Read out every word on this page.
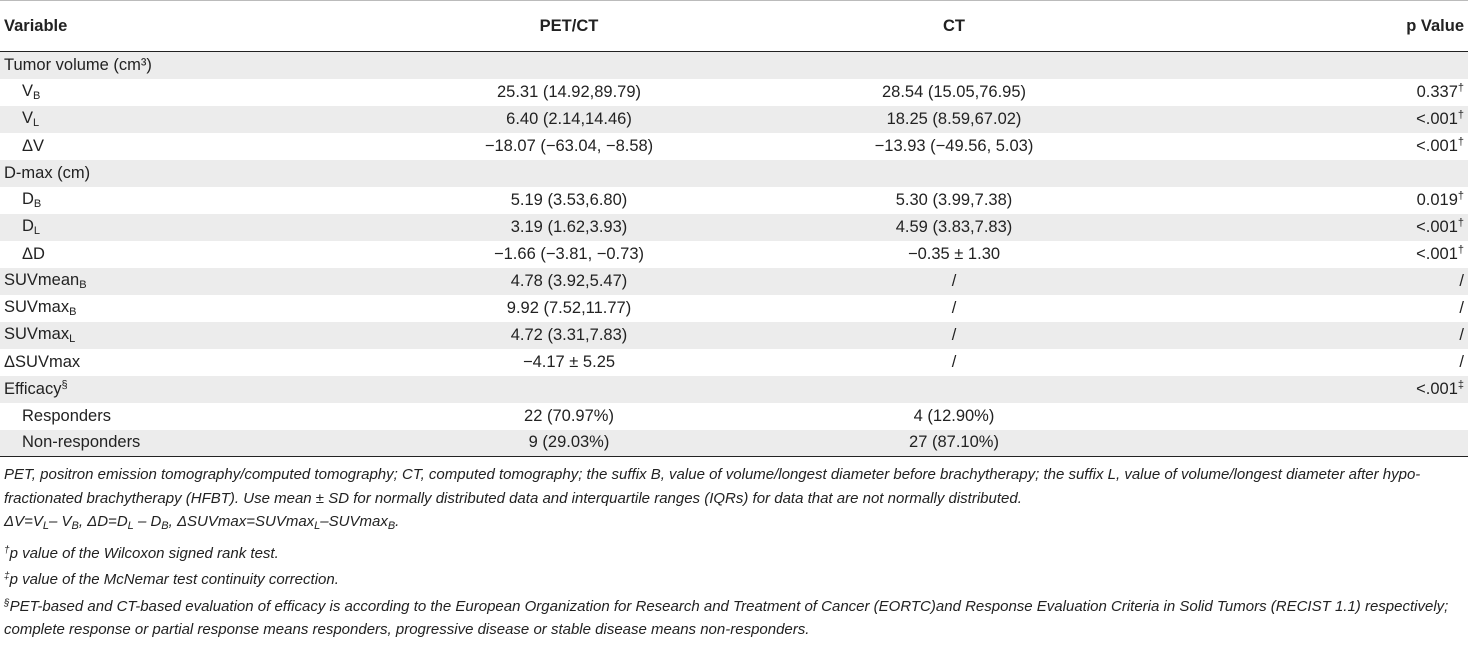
Variable	PET/CT	CT	p Value
Tumor volume (cm³)			
$V_B$	25.31 (14.92,89.79)	28.54 (15.05,76.95)	0.337†
$V_L$	6.40 (2.14,14.46)	18.25 (8.59,67.02)	<.001†
ΔV	−18.07 (−63.04, −8.58)	−13.93 (−49.56, 5.03)	<.001†
D-max (cm)			
$D_B$	5.19 (3.53,6.80)	5.30 (3.99,7.38)	0.019†
$D_L$	3.19 (1.62,3.93)	4.59 (3.83,7.83)	<.001†
ΔD	−1.66 (−3.81, −0.73)	−0.35 ± 1.30	<.001†
SUVmean$_B$	4.78 (3.92,5.47)	/	/
SUVmax$_B$	9.92 (7.52,11.77)	/	/
SUVmax$_L$	4.72 (3.31,7.83)	/	/
ΔSUVmax	−4.17 ± 5.25	/	/
Efficacy§			<.001‡
Responders	22 (70.97%)	4 (12.90%)	
Non-responders	9 (29.03%)	27 (87.10%)	
PET, positron emission tomography/computed tomography; CT, computed tomography; the suffix B, value of volume/longest diameter before brachytherapy; the suffix L, value of volume/longest diameter after hypo-fractionated brachytherapy (HFBT). Use mean ± SD for normally distributed data and interquartile ranges (IQRs) for data that are not normally distributed.
$\Delta V=V_L-$ $V_B$, $\Delta D=D_L - D_B$, ΔSUVmax=SUVmax$_L$–SUVmax$_B$.
†p value of the Wilcoxon signed rank test.
‡p value of the McNemar test continuity correction.
§PET-based and CT-based evaluation of efficacy is according to the European Organization for Research and Treatment of Cancer (EORTC)and Response Evaluation Criteria in Solid Tumors (RECIST 1.1) respectively; complete response or partial response means responders, progressive disease or stable disease means non-responders.
